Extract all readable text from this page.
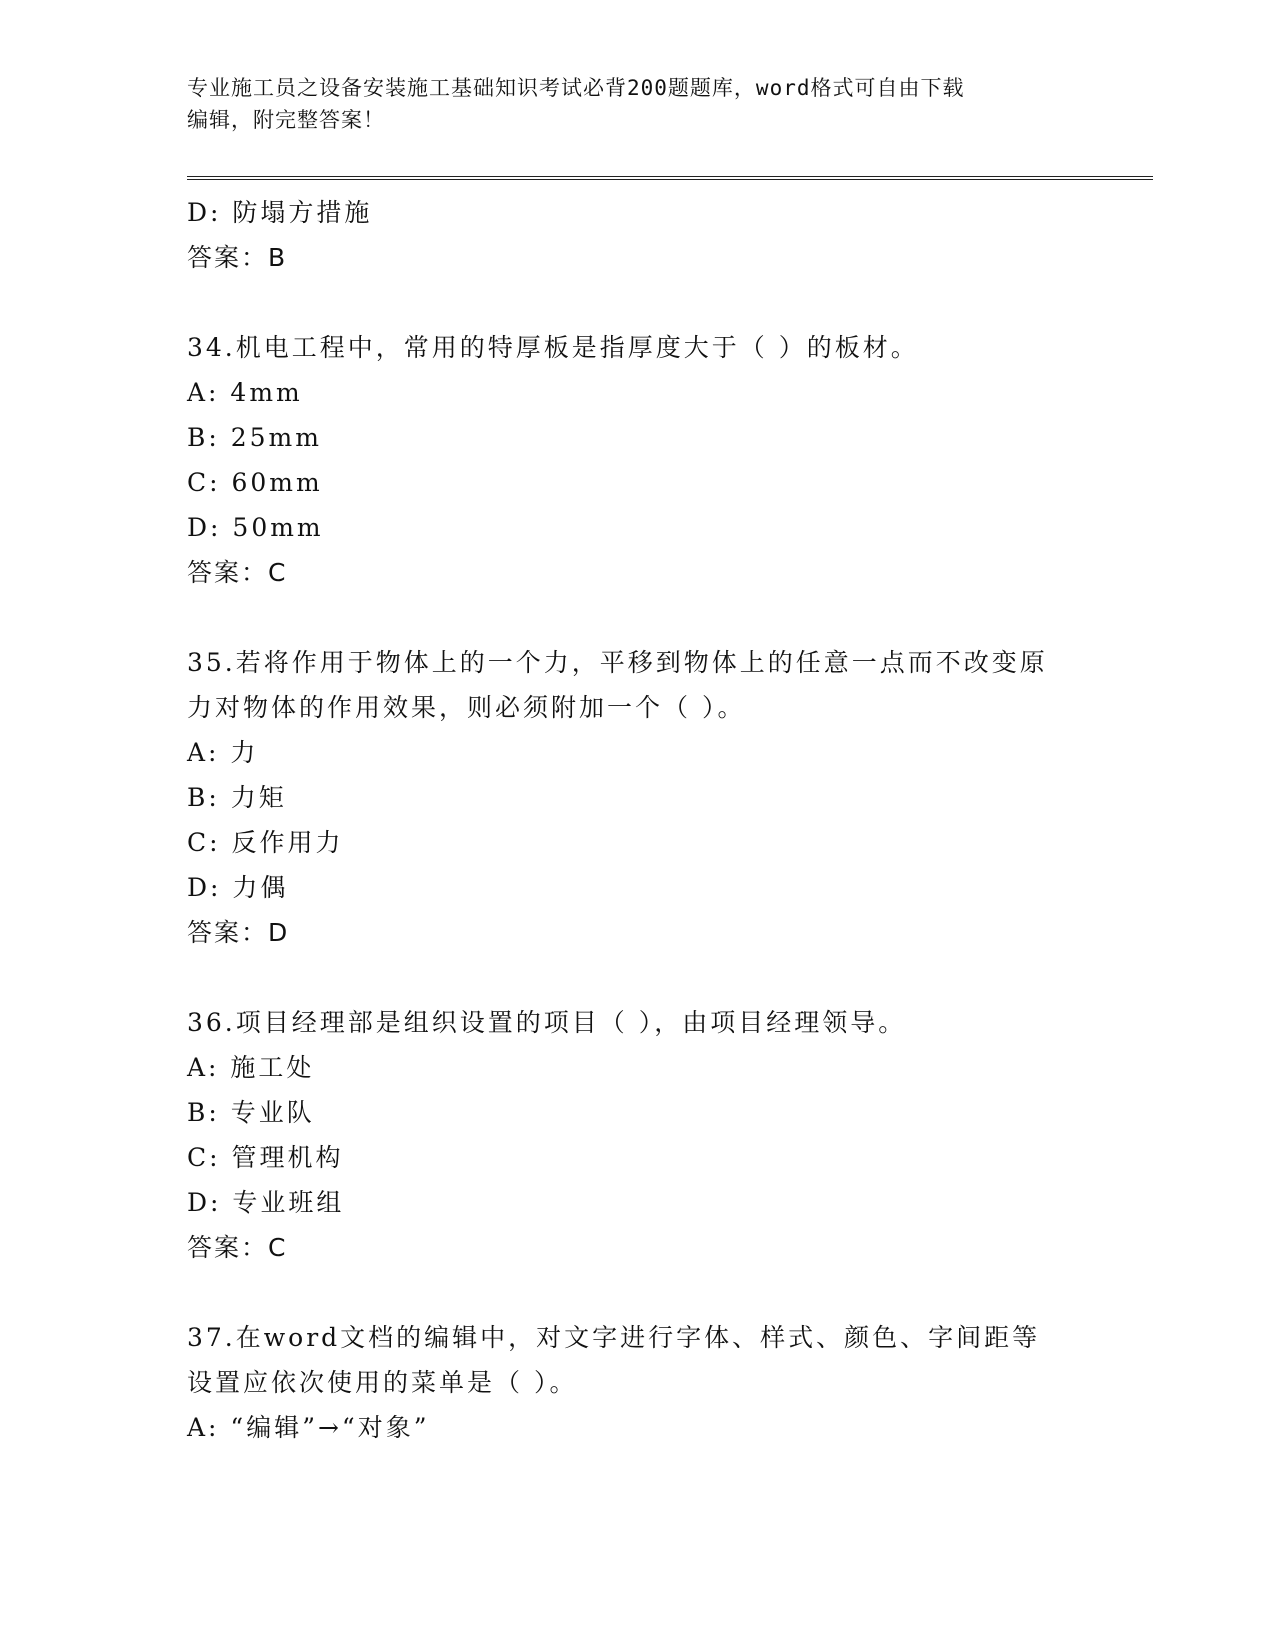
专业施工员之设备安装施工基础知识考试必背200题题库，word格式可自由下载
编辑，附完整答案！
D: 防塌方措施
答案：B
34.机电工程中，常用的特厚板是指厚度大于（ ）的板材。
A: 4mm
B: 25mm
C: 60mm
D: 50mm
答案：C
35.若将作用于物体上的一个力，平移到物体上的任意一点而不改变原
力对物体的作用效果，则必须附加一个（ ）。
A: 力
B: 力矩
C: 反作用力
D: 力偶
答案：D
36.项目经理部是组织设置的项目（ ），由项目经理领导。
A: 施工处
B: 专业队
C: 管理机构
D: 专业班组
答案：C
37.在word文档的编辑中，对文字进行字体、样式、颜色、字间距等
设置应依次使用的菜单是（ ）。
A: “编辑”→“对象”
